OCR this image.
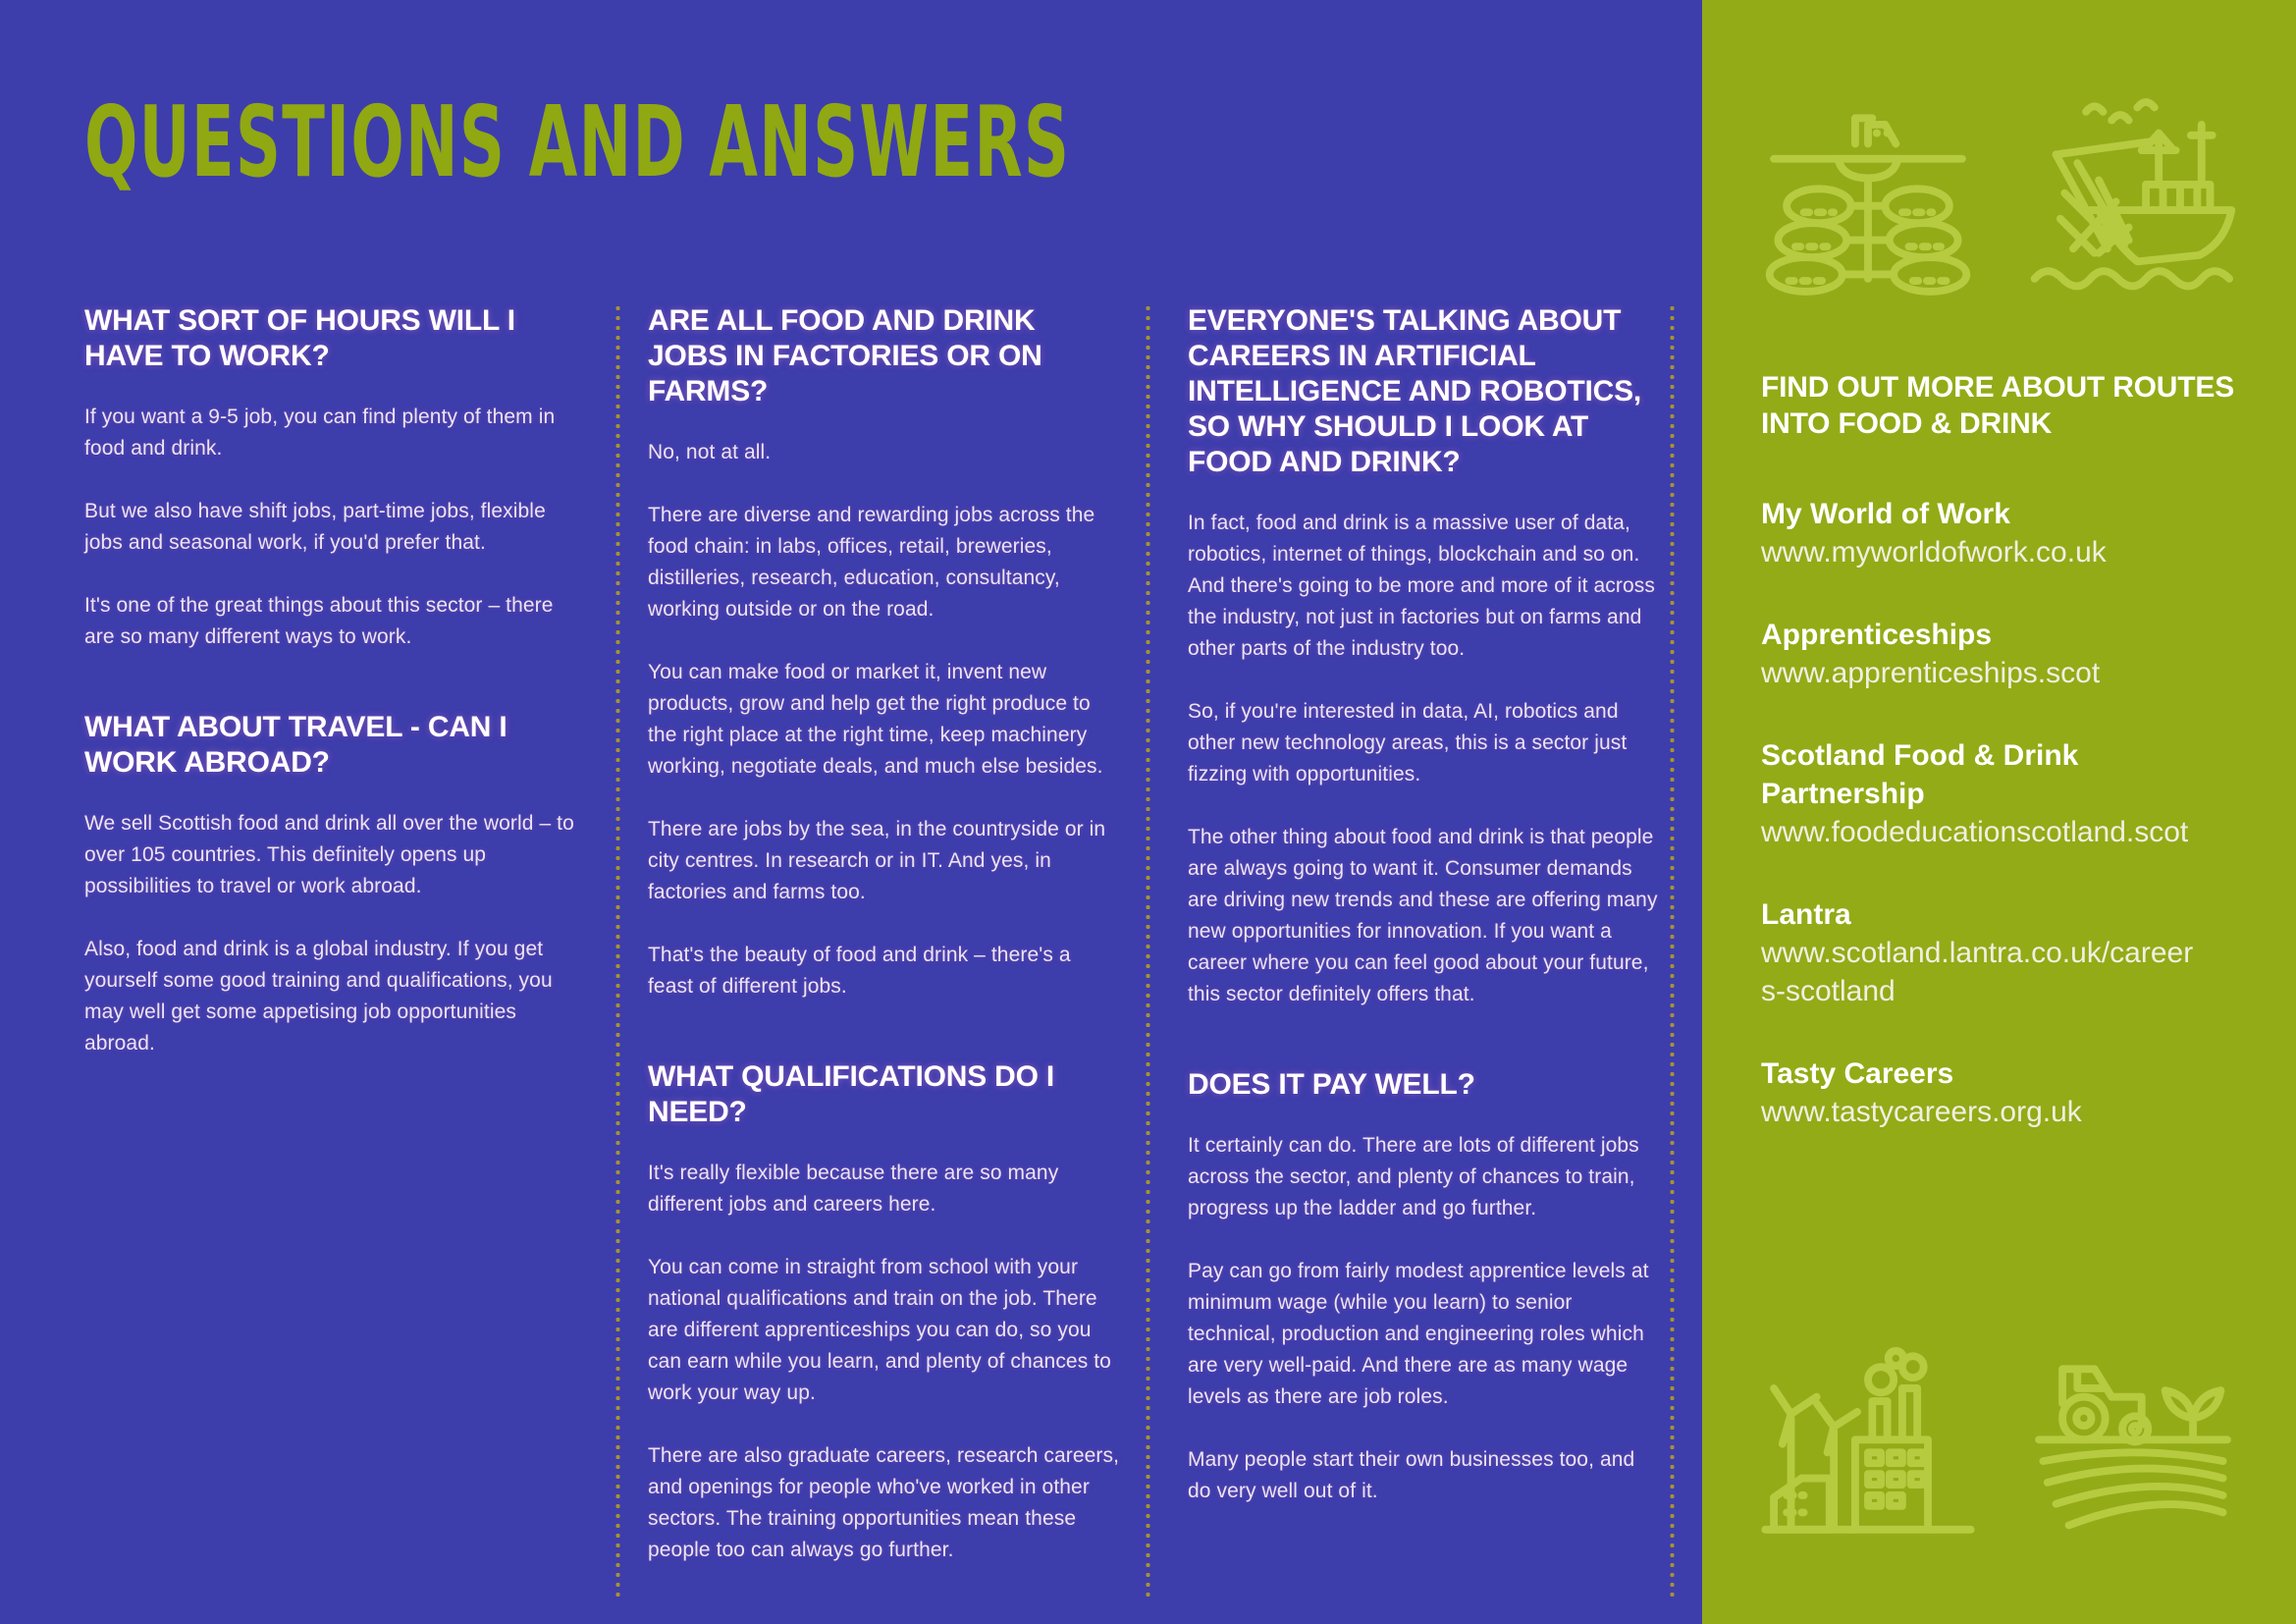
QUESTIONS AND ANSWERS
WHAT SORT OF HOURS WILL I HAVE TO WORK?

If you want a 9-5 job, you can find plenty of them in food and drink.

But we also have shift jobs, part-time jobs, flexible jobs and seasonal work, if you'd prefer that.

It's one of the great things about this sector – there are so many different ways to work.

WHAT ABOUT TRAVEL - CAN I WORK ABROAD?

We sell Scottish food and drink all over the world – to over 105 countries. This definitely opens up possibilities to travel or work abroad.

Also, food and drink is a global industry. If you get yourself some good training and qualifications, you may well get some appetising job opportunities abroad.

ARE ALL FOOD AND DRINK JOBS IN FACTORIES OR ON FARMS?

No, not at all.

There are diverse and rewarding jobs across the food chain: in labs, offices, retail, breweries, distilleries, research, education, consultancy, working outside or on the road.

You can make food or market it, invent new products, grow and help get the right produce to the right place at the right time, keep machinery working, negotiate deals, and much else besides.

There are jobs by the sea, in the countryside or in city centres. In research or in IT. And yes, in factories and farms too.

That's the beauty of food and drink – there's a feast of different jobs.

WHAT QUALIFICATIONS DO I NEED?

It's really flexible because there are so many different jobs and careers here.

You can come in straight from school with your national qualifications and train on the job. There are different apprenticeships you can do, so you can earn while you learn, and plenty of chances to work your way up.

There are also graduate careers, research careers, and openings for people who've worked in other sectors. The training opportunities mean these people too can always go further.

EVERYONE'S TALKING ABOUT CAREERS IN ARTIFICIAL INTELLIGENCE AND ROBOTICS, SO WHY SHOULD I LOOK AT FOOD AND DRINK?

In fact, food and drink is a massive user of data, robotics, internet of things, blockchain and so on. And there's going to be more and more of it across the industry, not just in factories but on farms and other parts of the industry too.

So, if you're interested in data, AI, robotics and other new technology areas, this is a sector just fizzing with opportunities.

The other thing about food and drink is that people are always going to want it. Consumer demands are driving new trends and these are offering many new opportunities for innovation. If you want a career where you can feel good about your future, this sector definitely offers that.

DOES IT PAY WELL?

It certainly can do. There are lots of different jobs across the sector, and plenty of chances to train, progress up the ladder and go further.

Pay can go from fairly modest apprentice levels at minimum wage (while you learn) to senior technical, production and engineering roles which are very well-paid. And there are as many wage levels as there are job roles.

Many people start their own businesses too, and do very well out of it.

FIND OUT MORE ABOUT ROUTES INTO FOOD & DRINK
My World of Work
www.myworldofwork.co.uk
Apprenticeships
www.apprenticeships.scot
Scotland Food & Drink Partnership
www.foodeducationscotland.scot
Lantra
www.scotland.lantra.co.uk/careers-scotland
Tasty Careers
www.tastycareers.org.uk
